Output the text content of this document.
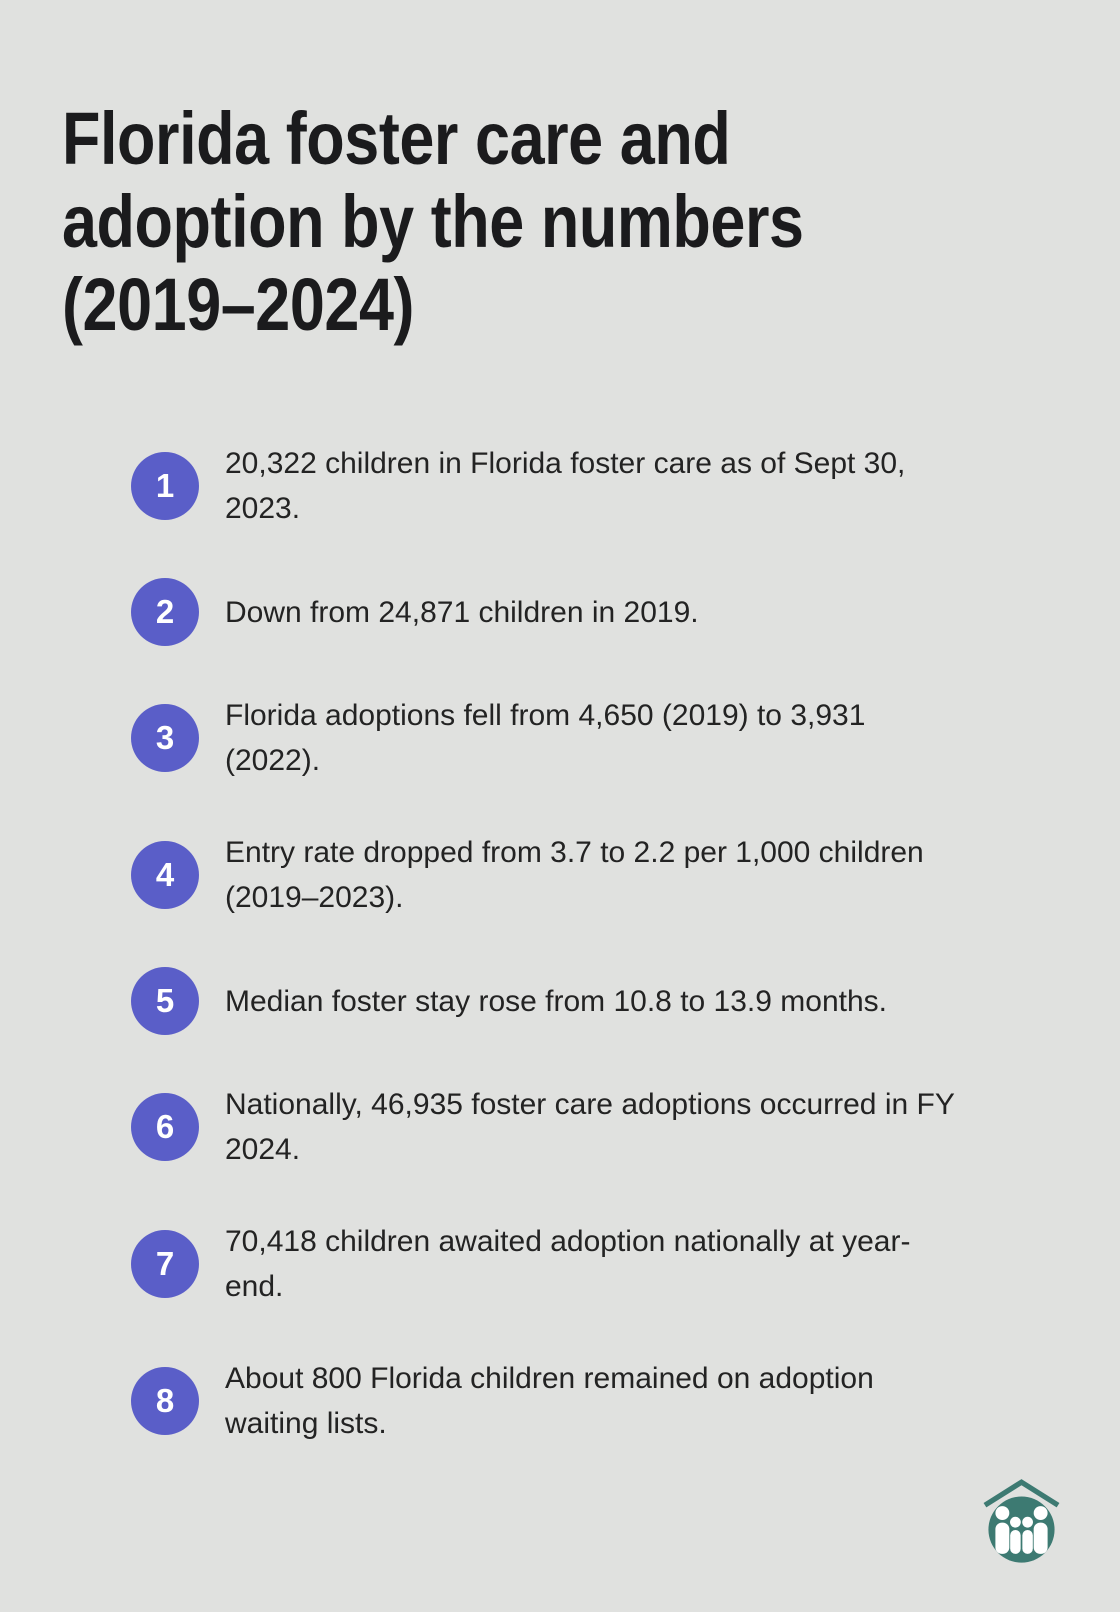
Florida foster care and adoption by the numbers (2019–2024)
1
20,322 children in Florida foster care as of Sept 30, 2023.
2	Down from 24,871 children in 2019.
3
Florida adoptions fell from 4,650 (2019) to 3,931 (2022).
4
Entry rate dropped from 3.7 to 2.2 per 1,000 children (2019–2023).
5	Median foster stay rose from 10.8 to 13.9 months.
6
Nationally, 46,935 foster care adoptions occurred in FY 2024.
7
70,418 children awaited adoption nationally at year-end.
8
About 800 Florida children remained on adoption waiting lists.
